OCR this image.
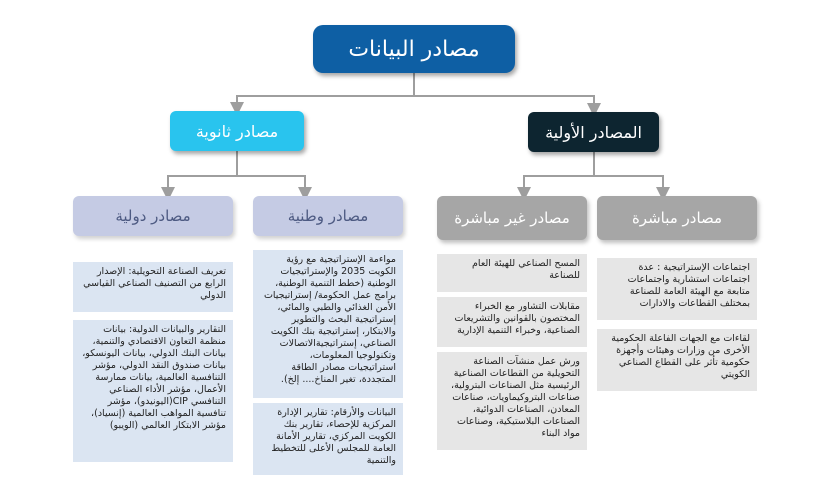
مصادر البيانات
المصادر الأولية
مصادر ثانوية
مصادر مباشرة
مصادر غير مباشرة
مصادر وطنية
مصادر دولية
اجتماعات الإستراتيجية : عدة اجتماعات استشارية واجتماعات متابعة مع الهيئة العامة للصناعة بمختلف القطاعات والادارات
لقاءات مع الجهات الفاعلة الحكومية الأخرى من وزارات وهيئات وأجهزة حكومية تأثر على القطاع الصناعي الكويتي
المسح الصناعي للهيئة العام للصناعة
مقابلات التشاور مع الخبراء المختصون بالقوانين والتشريعات الصناعية، وخبراء التنمية الإدارية
ورش عمل منشآت الصناعة التحويلية من القطاعات الصناعية الرئيسية مثل الصناعات البترولية، صناعات البتروكيماويات، صناعات المعادن، الصناعات الدوائية، الصناعات البلاستيكية، وصناعات مواد البناء
مواءمة الإستراتيجية مع رؤية الكويت 2035 والإستراتيجيات الوطنية (خطط التنمية الوطنية، برامج عمل الحكومة/ إستراتيجيات الأمن الغذائي والطبي والمائي، إستراتيجية البحث والتطوير والابتكار، إستراتيجية بنك الكويت الصناعي، إستراتيجيةالاتصالات وتكنولوجيا المعلومات، استراتيجيات مصادر الطاقة المتجددة، تغير المناخ.... إلخ).
البيانات والأرقام: تقارير الإدارة المركزية للإحصاء، تقارير بنك الكويت المركزي، تقارير الأمانة العامة للمجلس الأعلى للتخطيط والتنمية
تعريف الصناعة التحويلية: الإصدار الرابع من التصنيف الصناعي القياسي الدولي
التقارير والبيانات الدولية: بيانات منظمة التعاون الاقتصادي والتنمية، بيانات البنك الدولي، بيانات اليونسكو، بيانات صندوق النقد الدولي، مؤشر التنافسية العالمية، بيانات ممارسة الأعمال، مؤشر الأداء الصناعي التنافسي CIP(اليونيدو)، مؤشر تنافسية المواهب العالمية (إنسياد)، مؤشر الابتكار العالمي (الويبو)
